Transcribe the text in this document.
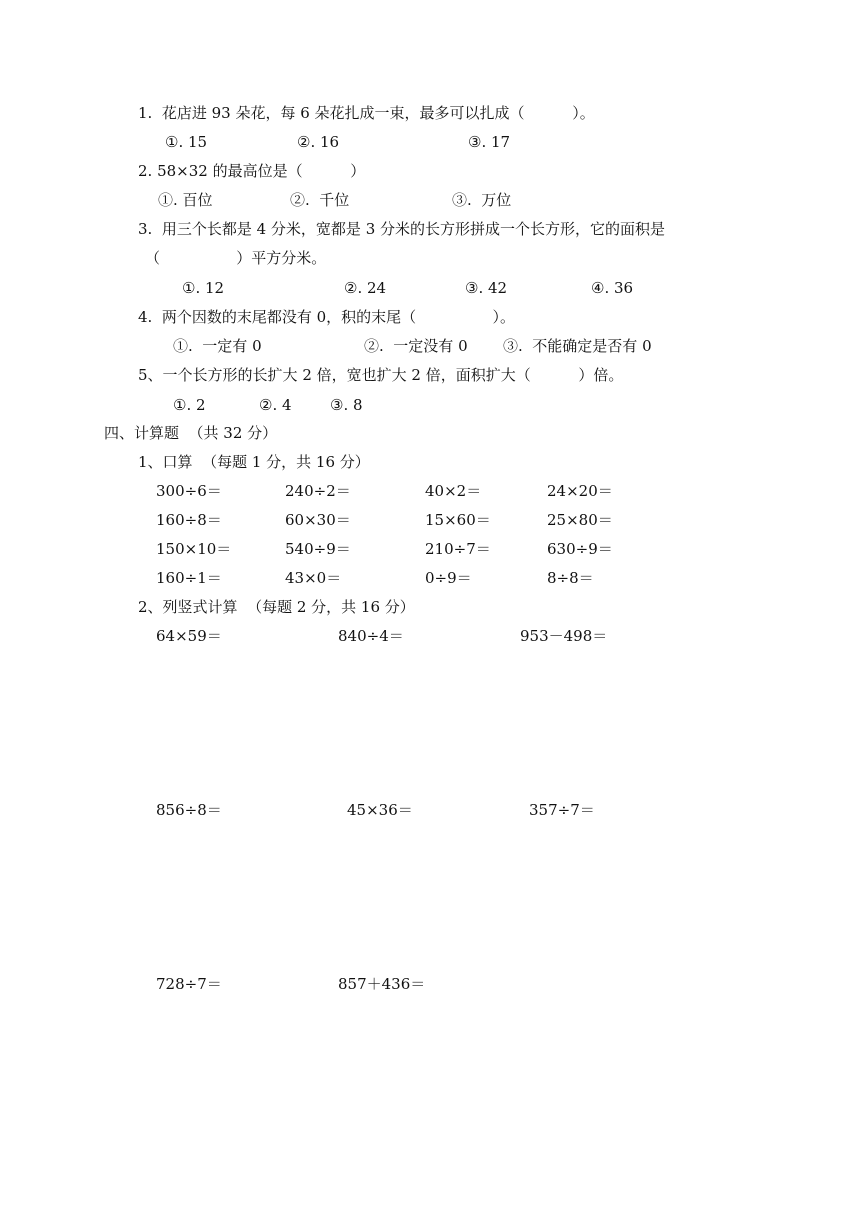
1.  花店进 93 朵花，每 6 朵花扎成一束，最多可以扎成（          ）。
①. 15	②. 16	③. 17
2. 58×32 的最高位是（          ）
①. 百位	②.  千位	③.  万位
3.  用三个长都是 4 分米，宽都是 3 分米的长方形拼成一个长方形，它的面积是
（                ）平方分米。
①. 12	②. 24	③. 42	④. 36
4.  两个因数的末尾都没有 0，积的末尾（                ）。
①.  一定有 0	②.  一定没有 0 ③.  不能确定是否有 0
5、一个长方形的长扩大 2 倍，宽也扩大 2 倍，面积扩大（          ）倍。
①. 2	②. 4	③. 8
四、计算题  （共 32 分）
1、口算  （每题 1 分，共 16 分）
300÷6＝	240÷2＝	40×2＝	24×20＝
160÷8＝	60×30＝	15×60＝	25×80＝
150×10＝	540÷9＝	210÷7＝	630÷9＝
160÷1＝	43×0＝	0÷9＝	8÷8＝
2、列竖式计算  （每题 2 分，共 16 分）
64×59＝	840÷4＝	953－498＝
856÷8＝	45×36＝	357÷7＝
728÷7＝	857＋436＝
